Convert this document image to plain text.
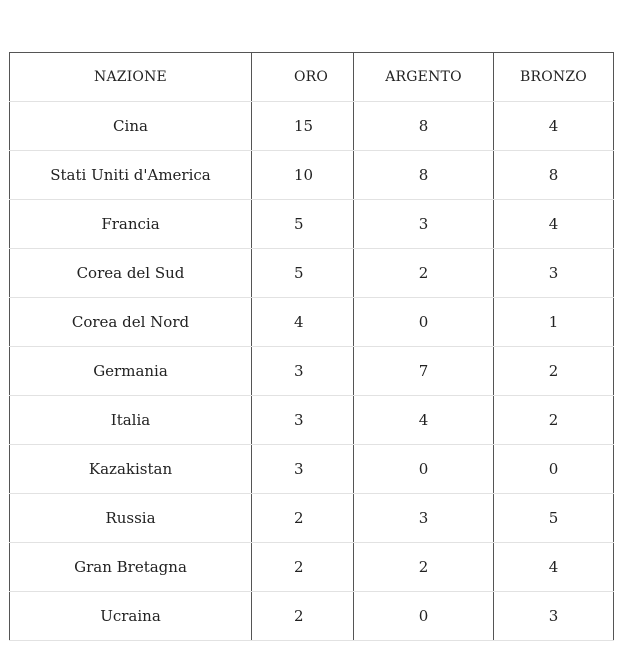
NAZIONE	ORO	ARGENTO	BRONZO
Cina	15	8	4
Stati Uniti d'America	10	8	8
Francia	5	3	4
Corea del Sud	5	2	3
Corea del Nord	4	0	1
Germania	3	7	2
Italia	3	4	2
Kazakistan	3	0	0
Russia	2	3	5
Gran Bretagna	2	2	4
Ucraina	2	0	3
